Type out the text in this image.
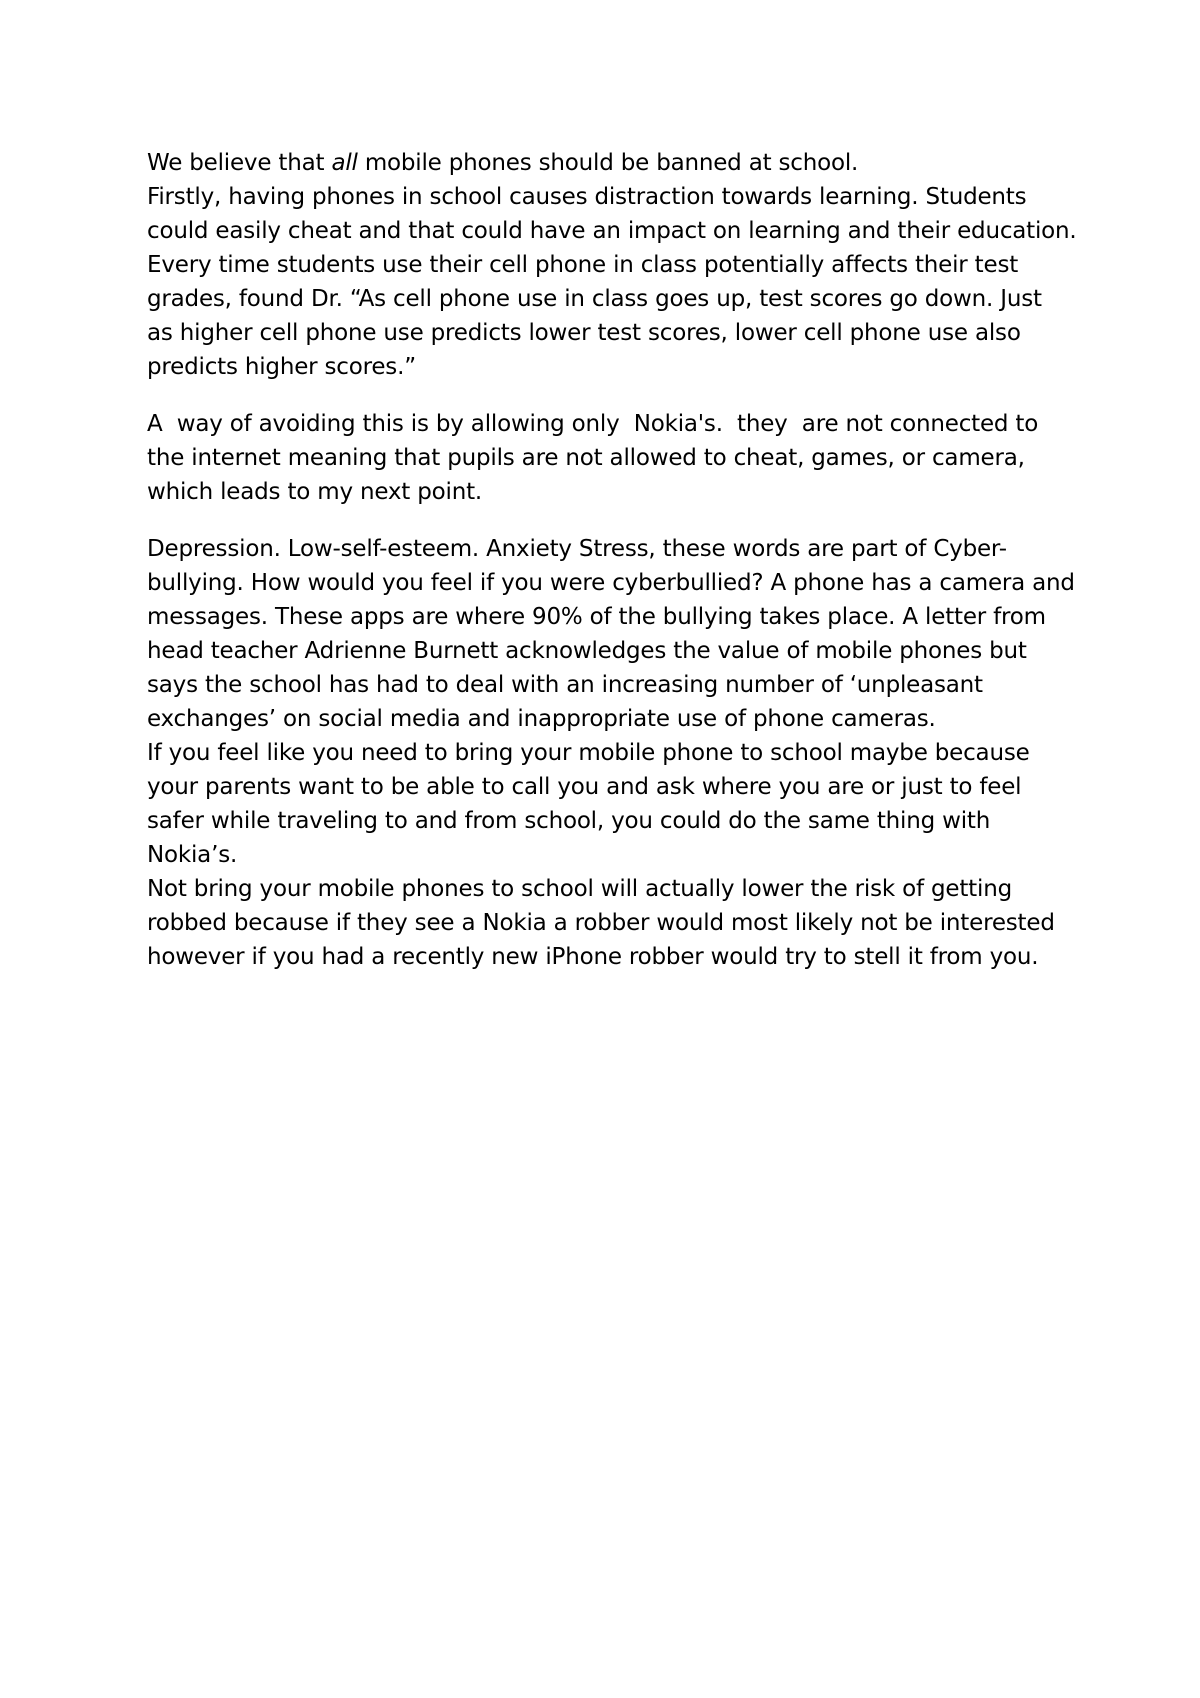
We believe that all mobile phones should be banned at school.
Firstly, having phones in school causes distraction towards learning. Students
could easily cheat and that could have an impact on learning and their education.
Every time students use their cell phone in class potentially affects their test
grades, found Dr. “As cell phone use in class goes up, test scores go down. Just
as higher cell phone use predicts lower test scores, lower cell phone use also
predicts higher scores.”
A  way of avoiding this is by allowing only  Nokia's.  they  are not connected to
the internet meaning that pupils are not allowed to cheat, games, or camera,
which leads to my next point.
Depression. Low-self-esteem. Anxiety Stress, these words are part of Cyber-
bullying. How would you feel if you were cyberbullied? A phone has a camera and
messages. These apps are where 90% of the bullying takes place. A letter from
head teacher Adrienne Burnett acknowledges the value of mobile phones but
says the school has had to deal with an increasing number of ‘unpleasant
exchanges’ on social media and inappropriate use of phone cameras.
If you feel like you need to bring your mobile phone to school maybe because
your parents want to be able to call you and ask where you are or just to feel
safer while traveling to and from school, you could do the same thing with
Nokia’s.
Not bring your mobile phones to school will actually lower the risk of getting
robbed because if they see a Nokia a robber would most likely not be interested
however if you had a recently new iPhone robber would try to stell it from you.
